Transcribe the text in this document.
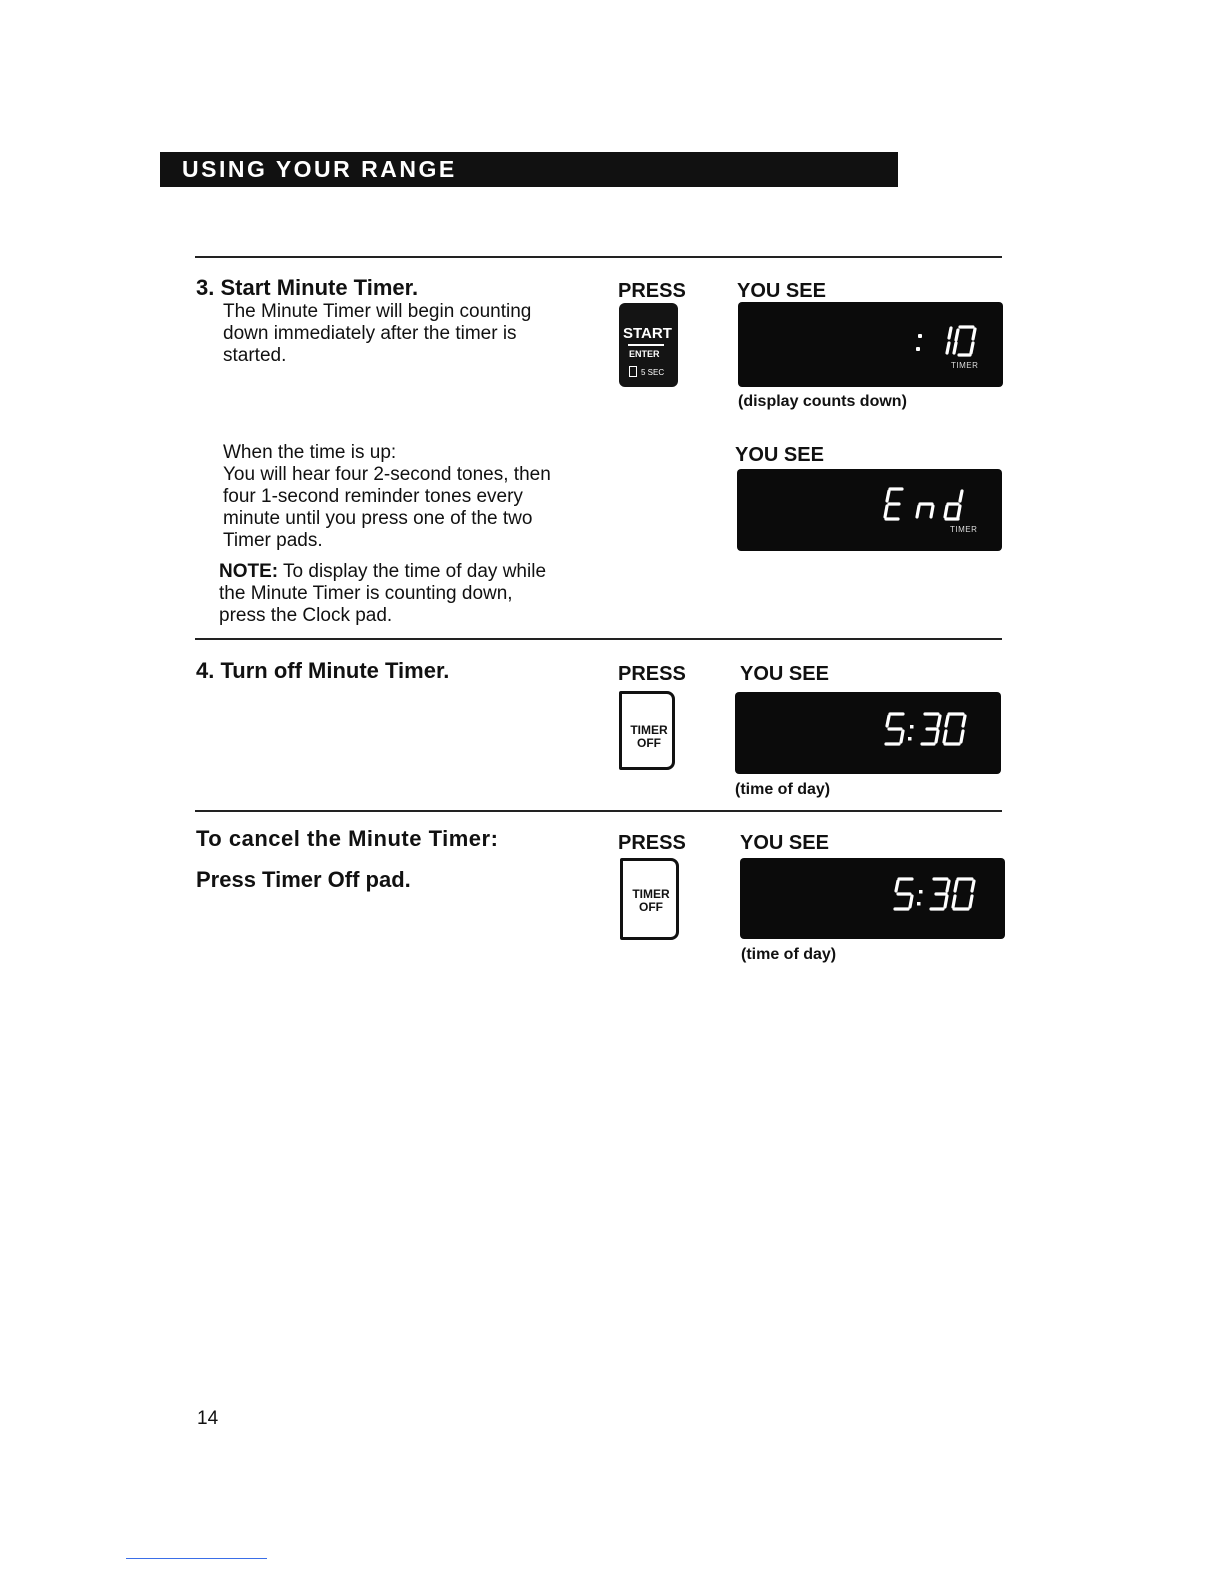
USING YOUR RANGE
3. Start Minute Timer.
The Minute Timer will begin counting
down immediately after the timer is
started.
PRESS	YOU SEE
START
ENTER
5 SEC
TIMER
(display counts down)
When the time is up:
You will hear four 2-second tones, then
four 1-second reminder tones every
minute until you press one of the two
Timer pads.
NOTE: To display the time of day while
the Minute Timer is counting down,
press the Clock pad.
YOU SEE
TIMER
4. Turn off Minute Timer.	PRESS	YOU SEE
TIMER
OFF
(time of day)
To cancel the Minute Timer:
Press Timer Off pad.
PRESS	YOU SEE
TIMER
OFF
(time of day)
14
